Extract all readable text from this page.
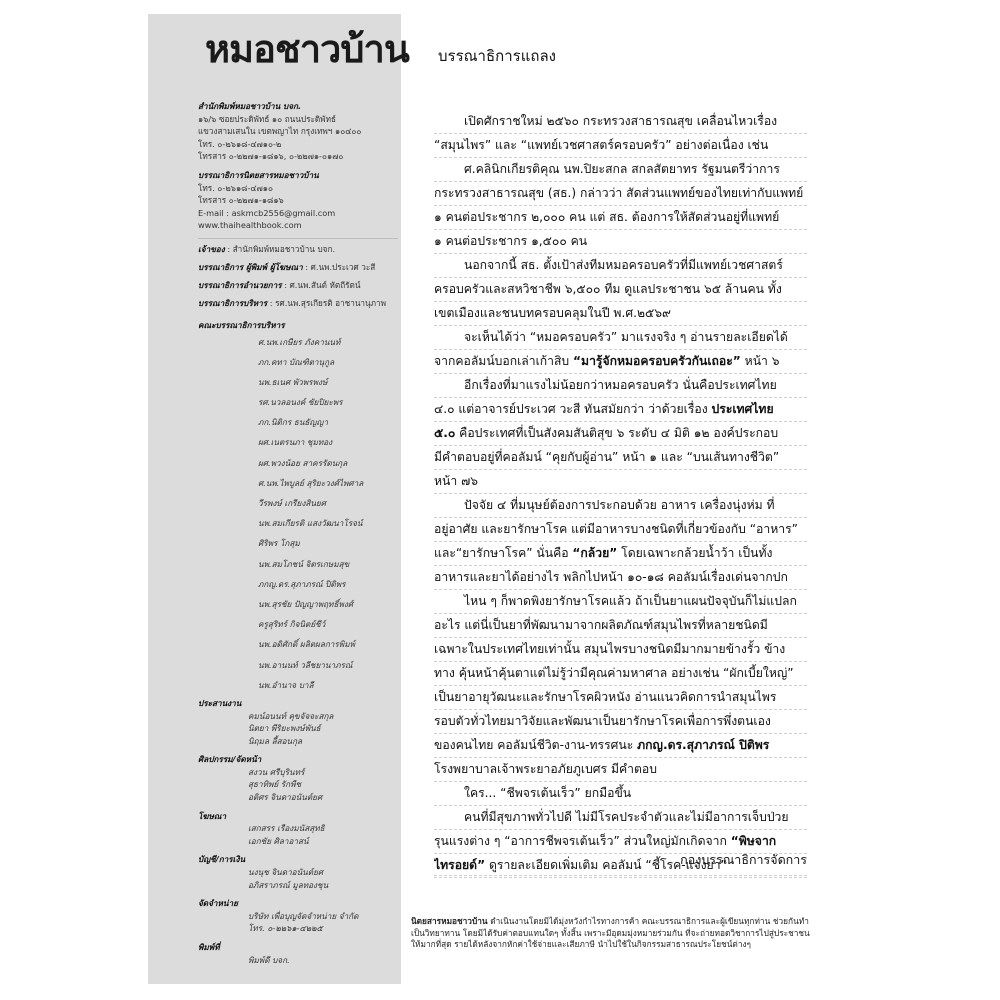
หมอชาวบ้าน
สำนักพิมพ์หมอชาวบ้าน บจก.
๑๖/๖ ซอยประดิพัทธ์ ๑๐ ถนนประดิพัทธ์
แขวงสามเสนใน เขตพญาไท กรุงเทพฯ ๑๐๔๐๐
โทร. ๐-๒๖๑๘-๔๗๑๐-๒
โทรสาร ๐-๒๒๗๑-๑๘๑๖, ๐-๒๒๗๑-๐๑๗๐
บรรณาธิการนิตยสารหมอชาวบ้าน
โทร. ๐-๒๖๑๘-๔๗๑๐
โทรสาร ๐-๒๒๗๑-๑๘๑๖
E-mail : askmcb2556@gmail.com
www.thaihealthbook.com
เจ้าของ : สำนักพิมพ์หมอชาวบ้าน บจก.
บรรณาธิการ ผู้พิมพ์ ผู้โฆษณา : ศ.นพ.ประเวศ วะสี
บรรณาธิการอำนวยการ : ศ.นพ.สันต์ หัตถีรัตน์
บรรณาธิการบริหาร : รศ.นพ.สุรเกียรติ อาชานานุภาพ
คณะบรรณาธิการบริหาร
ศ.นพ.เกษียร ภังคานนท์
ภก.คทา บัณฑิตานุกูล
นพ.ธเนศ พัวพรพงษ์
รศ.นวลอนงค์ ชัยปิยะพร
ภก.นิติกร ธนธัญญา
ผศ.เนตรนภา ชุมทอง
ผศ.พวงน้อย สาครรัตนกุล
ศ.นพ.ไพบูลย์ สุริยะวงศ์ไพศาล
วีรพงษ์ เกรียงสินยศ
นพ.สมเกียรติ แสงวัฒนาโรจน์
ศิริพร โกสุม
นพ.สมโภชน์ จิตรเกษมสุข
ภกญ.ดร.สุภาภรณ์ ปิติพร
นพ.สุรชัย ปัญญาพฤทธิ์พงศ์
ครูสุริทร์ กิจนิตย์ชีว์
นพ.อดิศักดิ์ ผลิตผลการพิมพ์
นพ.อานนท์ วลีชยานาภรณ์
นพ.อำนาจ บาลี
ประสานงาน
คมน์อนนท์ คุขจัจจะสกุล
นิตยา พีริยะพงษ์พันธ์
นิฤมล ลี้สอนกุล
ศิลปกรรม/จัดหน้า
สงวน ศรีบุรินทร์
สุธาทิพย์ รักพืช
อติศร จินดาอนันต์ยศ
โฆษณา
เสกสรร เรืองมนัสสุทธิ
เอกชัย ศิลาอาสน์
บัญชี/การเงิน
นงนุช จินดาอนันต์ยศ
อภิสราภรณ์ มูลทองชุน
จัดจำหน่าย
บริษัท เพื่อบุญจัดจำหน่าย จำกัด
โทร. ๐-๒๒๖๑-๔๒๒๕
พิมพ์ที่
พิมพ์ดี บจก.
บรรณาธิการแถลง
เปิดศักราชใหม่ ๒๕๖๐ กระทรวงสาธารณสุข เคลื่อนไหวเรื่อง
“สมุนไพร” และ “แพทย์เวชศาสตร์ครอบครัว” อย่างต่อเนื่อง เช่น
ศ.คลินิกเกียรติคุณ นพ.ปิยะสกล สกลสัตยาทร รัฐมนตรีว่าการ
กระทรวงสาธารณสุข (สธ.) กล่าวว่า สัดส่วนแพทย์ของไทยเท่ากับแพทย์
๑ คนต่อประชากร ๒,๐๐๐ คน แต่ สธ. ต้องการให้สัดส่วนอยู่ที่แพทย์
๑ คนต่อประชากร ๑,๕๐๐ คน
นอกจากนี้ สธ. ตั้งเป้าส่งทีมหมอครอบครัวที่มีแพทย์เวชศาสตร์
ครอบครัวและสหวิชาชีพ ๖,๕๐๐ ทีม ดูแลประชาชน ๖๕ ล้านคน ทั้ง
เขตเมืองและชนบทครอบคลุมในปี พ.ศ.๒๕๖๙
จะเห็นได้ว่า “หมอครอบครัว” มาแรงจริง ๆ อ่านรายละเอียดได้
จากคอลัมน์บอกเล่าเก้าสิบ “มารู้จักหมอครอบครัวกันเถอะ” หน้า ๖
อีกเรื่องที่มาแรงไม่น้อยกว่าหมอครอบครัว นั่นคือประเทศไทย
๔.๐ แต่อาจารย์ประเวศ วะสี ทันสมัยกว่า ว่าด้วยเรื่อง ประเทศไทย
๕.๐ คือประเทศที่เป็นสังคมสันติสุข ๖ ระดับ ๔ มิติ ๑๒ องค์ประกอบ
มีคำตอบอยู่ที่คอลัมน์ “คุยกับผู้อ่าน” หน้า ๑ และ “บนเส้นทางชีวิต”
หน้า ๗๖
ปัจจัย ๔ ที่มนุษย์ต้องการประกอบด้วย อาหาร เครื่องนุ่งห่ม ที่
อยู่อาศัย และยารักษาโรค แต่มีอาหารบางชนิดที่เกี่ยวข้องกับ “อาหาร”
และ“ยารักษาโรค” นั่นคือ “กล้วย” โดยเฉพาะกล้วยน้ำว้า เป็นทั้ง
อาหารและยาได้อย่างไร พลิกไปหน้า ๑๐-๑๘ คอลัมน์เรื่องเด่นจากปก
ไหน ๆ ก็พาดพิงยารักษาโรคแล้ว ถ้าเป็นยาแผนปัจจุบันก็ไม่แปลก
อะไร แต่นี่เป็นยาที่พัฒนามาจากผลิตภัณฑ์สมุนไพรที่หลายชนิดมี
เฉพาะในประเทศไทยเท่านั้น สมุนไพรบางชนิดมีมากมายข้างรั้ว ข้าง
ทาง คุ้นหน้าคุ้นตาแต่ไม่รู้ว่ามีคุณค่ามหาศาล อย่างเช่น “ผักเบี้ยใหญ่”
เป็นยาอายุวัฒนะและรักษาโรคผิวหนัง อ่านแนวคิดการนำสมุนไพร
รอบตัวทั่วไทยมาวิจัยและพัฒนาเป็นยารักษาโรคเพื่อการพึ่งตนเอง
ของคนไทย คอลัมน์ชีวิต-งาน-ทรรศนะ ภกญ.ดร.สุภาภรณ์ ปิติพร
โรงพยาบาลเจ้าพระยาอภัยภูเบศร มีคำตอบ
ใคร... “ชีพจรเต้นเร็ว” ยกมือขึ้น
คนที่มีสุขภาพทั่วไปดี ไม่มีโรคประจำตัวและไม่มีอาการเจ็บป่วย
รุนแรงต่าง ๆ “อาการชีพจรเต้นเร็ว” ส่วนใหญ่มักเกิดจาก “พิษจาก
ไทรอยด์” ดูรายละเอียดเพิ่มเติม คอลัมน์ “ชี้โรค-แจงยา”
กองบรรณาธิการจัดการ
นิตยสารหมอชาวบ้าน ดำเนินงานโดยมิได้มุ่งหวังกำไรทางการค้า คณะบรรณาธิการและผู้เขียนทุกท่าน ช่วยกันทำเป็นวิทยาทาน โดยมิได้รับค่าตอบแทนใดๆ ทั้งสิ้น เพราะมีอุดมมุ่งหมายร่วมกัน ที่จะถ่ายทอดวิชาการไปสู่ประชาชนให้มากที่สุด รายได้หลังจากหักค่าใช้จ่ายและเสียภาษี นำไปใช้ในกิจกรรมสาธารณประโยชน์ต่างๆ
